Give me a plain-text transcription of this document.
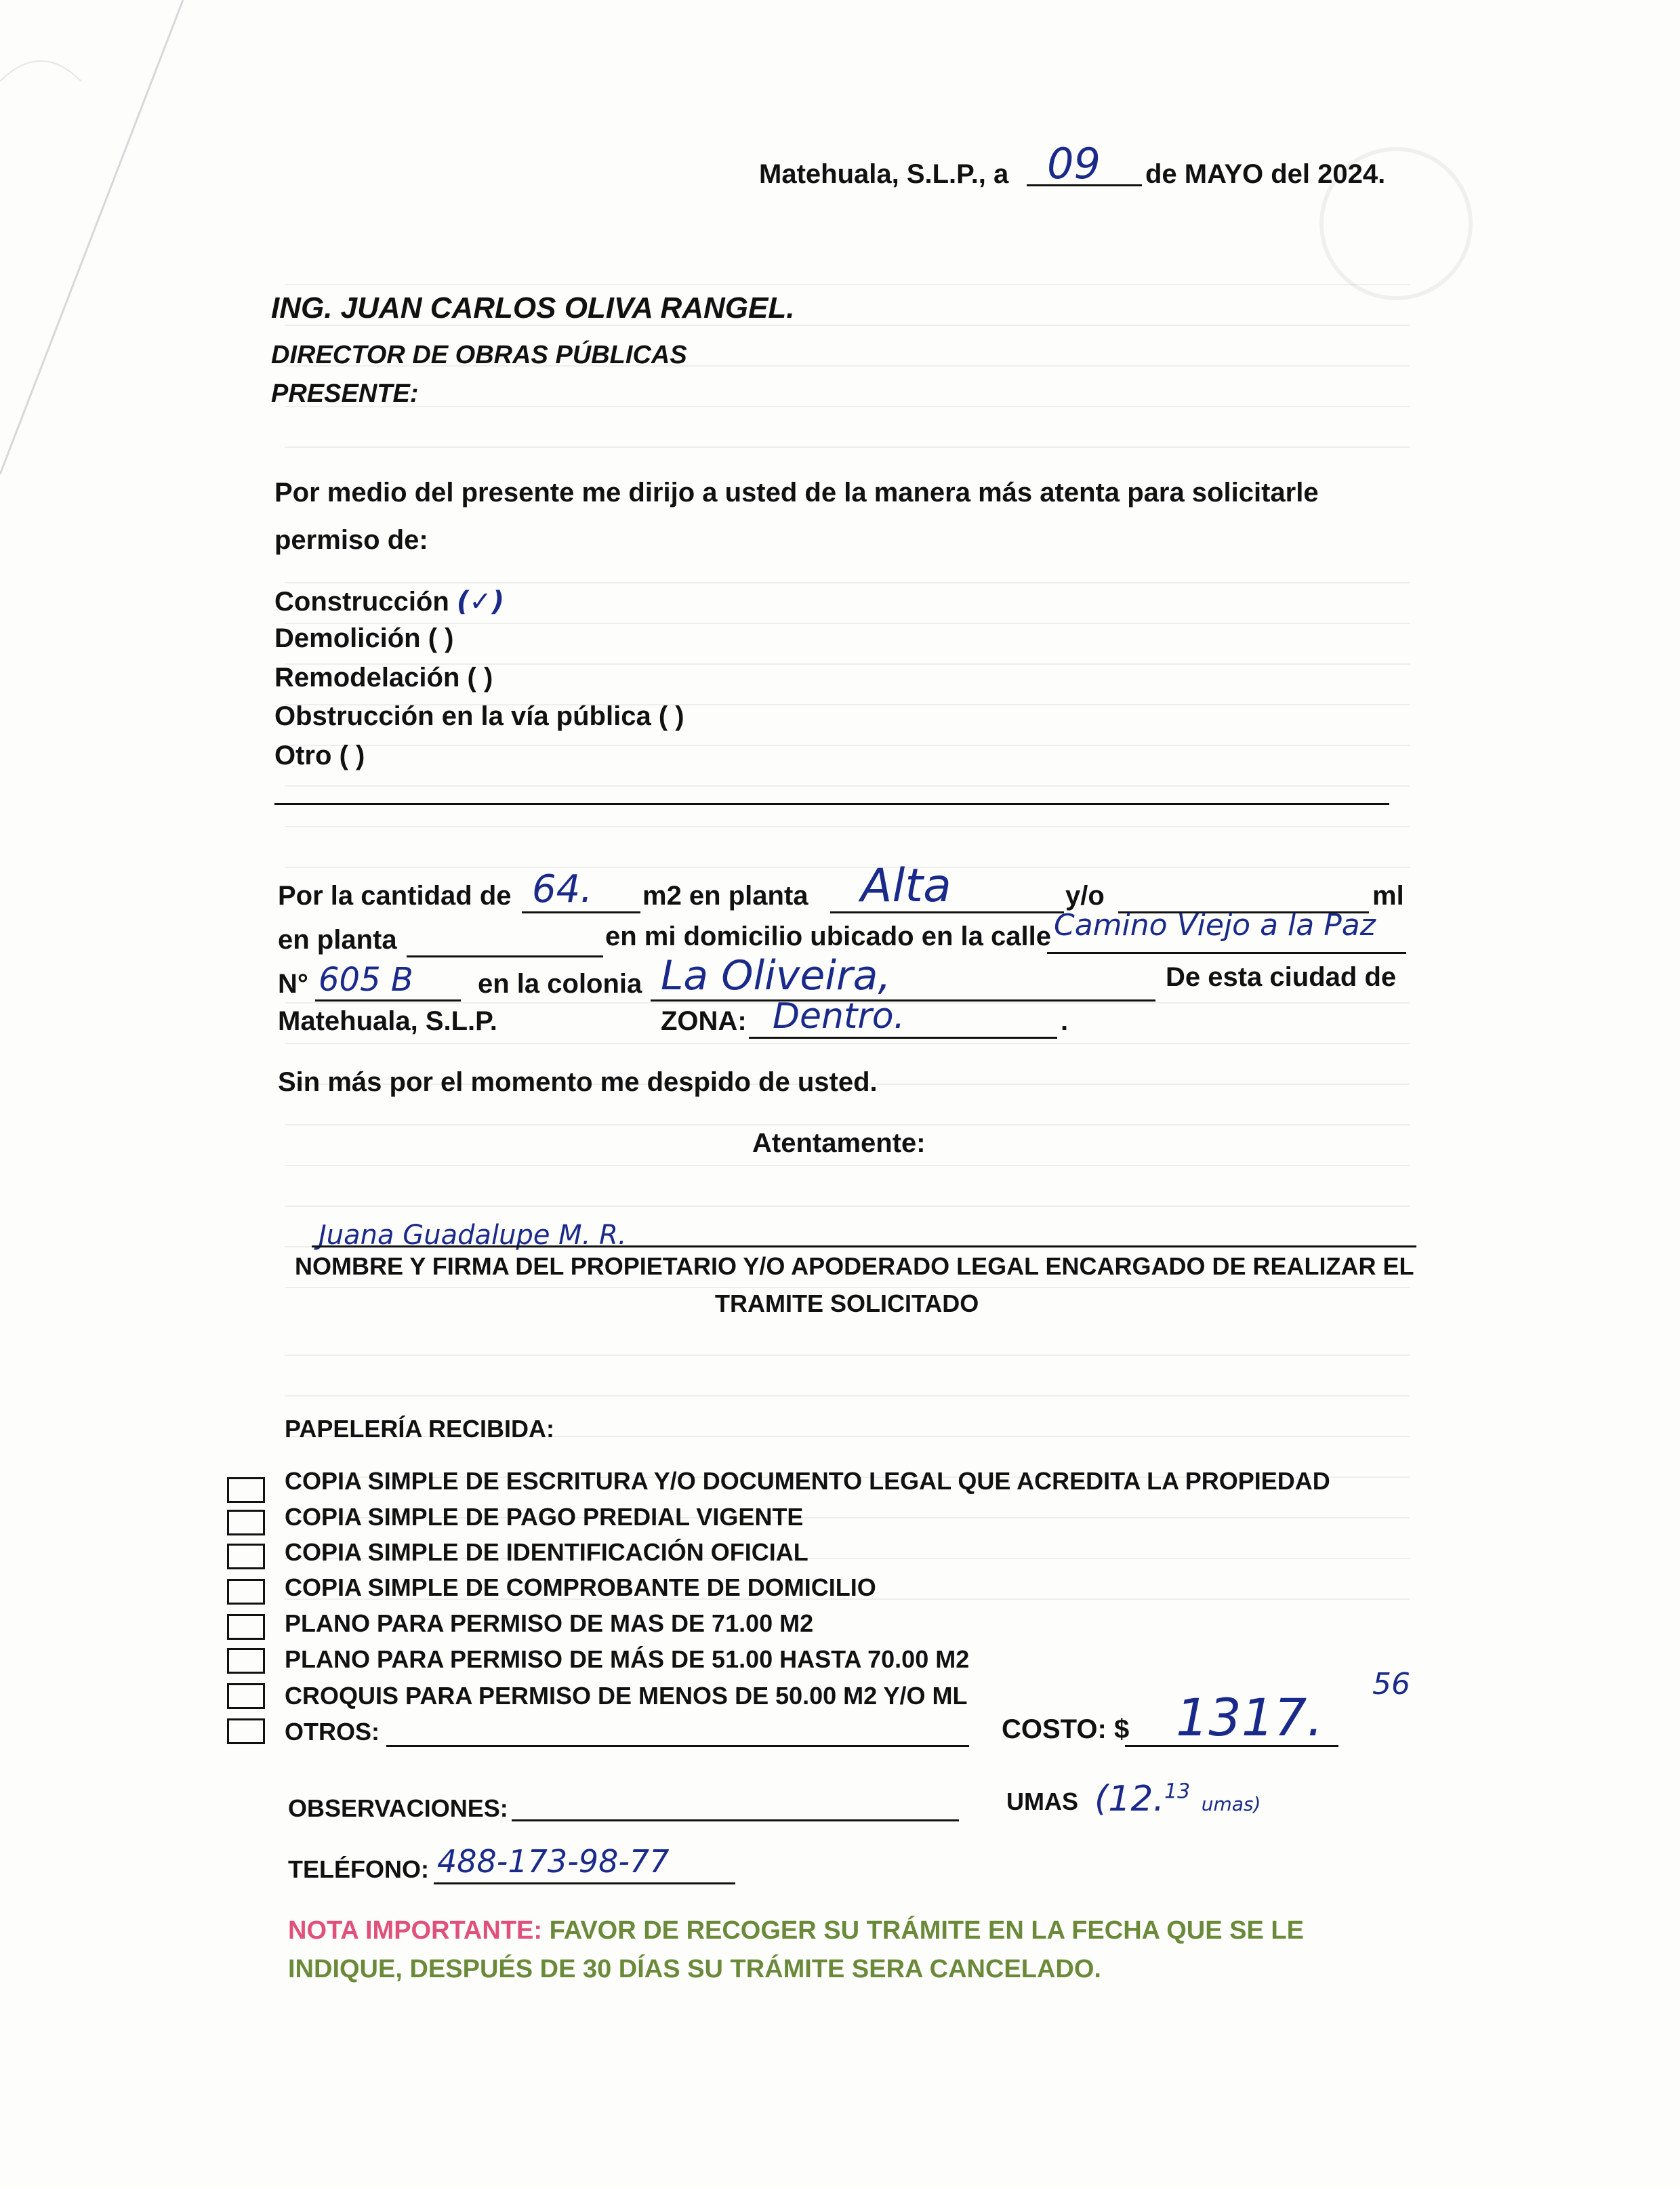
Matehuala, S.L.P., a 09 de MAYO del 2024.
ING. JUAN CARLOS OLIVA RANGEL.
DIRECTOR DE OBRAS PÚBLICAS
PRESENTE:
Por medio del presente me dirijo a usted de la manera más atenta para solicitarle
permiso de:
Construcción (✓)
Demolición ( )
Remodelación ( )
Obstrucción en la vía pública ( )
Otro ( )
Por la cantidad de 64. m2 en planta Alta	y/o	ml
en planta	en mi domicilio ubicado en la calle Camino Viejo a la Paz
N° 605 B en la colonia La Oliveira,	De esta ciudad de
Matehuala, S.L.P.	ZONA: Dentro.	.
Sin más por el momento me despido de usted.
Atentamente:
Juana Guadalupe M. R.
NOMBRE Y FIRMA DEL PROPIETARIO Y/O APODERADO LEGAL ENCARGADO DE REALIZAR EL
TRAMITE SOLICITADO
PAPELERÍA RECIBIDA:
COPIA SIMPLE DE ESCRITURA Y/O DOCUMENTO LEGAL QUE ACREDITA LA PROPIEDAD
COPIA SIMPLE DE PAGO PREDIAL VIGENTE
COPIA SIMPLE DE IDENTIFICACIÓN OFICIAL
COPIA SIMPLE DE COMPROBANTE DE DOMICILIO
PLANO PARA PERMISO DE MAS DE 71.00 M2
PLANO PARA PERMISO DE MÁS DE 51.00 HASTA 70.00 M2
CROQUIS PARA PERMISO DE MENOS DE 50.00 M2 Y/O ML
OTROS:	COSTO: $ 1317.
56
OBSERVACIONES:	UMAS (12.13 umas)
TELÉFONO: 488-173-98-77
NOTA IMPORTANTE: FAVOR DE RECOGER SU TRÁMITE EN LA FECHA QUE SE LE
INDIQUE, DESPUÉS DE 30 DÍAS SU TRÁMITE SERA CANCELADO.
